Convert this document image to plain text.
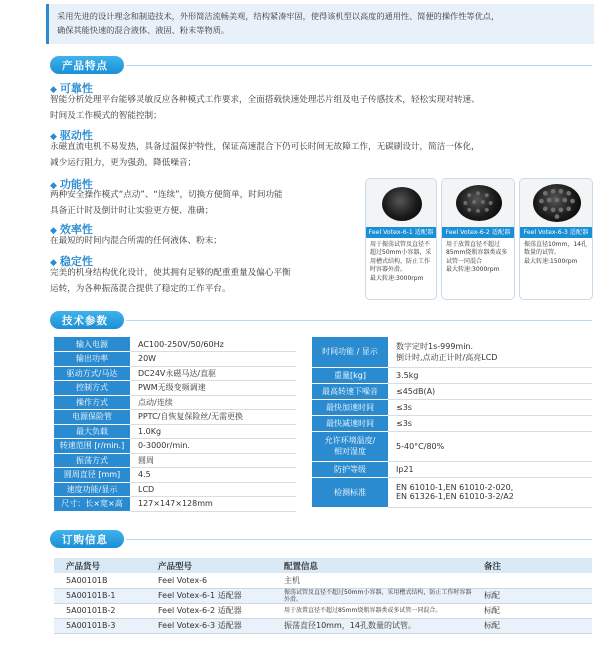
采用先进的设计理念和制造技术，外形简洁流畅美观，结构紧凑牢固，使得该机型以高度的通用性、简便的操作性等优点，
确保其能快速的混合液体、液固、粉末等物质。
产品特点
◆ 可靠性
智能分析处理平台能够灵敏反应各种模式工作要求，全面搭载快速处理芯片组及电子传感技术，轻松实现对转速、
时间及工作模式的智能控制；
◆ 驱动性
永磁直流电机不易发热，具备过温保护特性，保证高速混合下仍可长时间无故障工作，无碳刷设计，简洁一体化，
减少运行阻力，更为强劲，降低噪音；
◆ 功能性
两种安全操作模式“点动”、“连续”，切换方便简单，时间功能
具备正计时及倒计时让实验更方便、准确；
◆ 效率性
在最短的时间内混合所需的任何液体、粉末；
◆ 稳定性
完美的机身结构优化设计，使其拥有足够的配重重量及偏心平衡
运转，为各种振荡混合提供了稳定的工作平台。
Feel Votex-6-1 适配器
用于振荡试管及直径不
超过50mm小容器，采
用槽式结构，防止工作
时容器外滑。
最大转速:3000rpm
Feel Votex-6-2 适配器
用于放置直径不超过
85mm烧瓶容器类或多
试管一同混合
最大转速:3000rpm
Feel Votex-6-3 适配器
振荡直径10mm，14孔
数量的试管。
最大转速:1500rpm
技术参数
输入电源	AC100-250V/50/60Hz
输出功率	20W
驱动方式/马达	DC24V永磁马达/直驱
控制方式	PWM无级变频调速
操作方式	点动/连续
电源保险管	PPTC/自恢复保险丝/无需更换
最大负载	1.0Kg
转速范围 [r/min.]	0-3000r/min.
振荡方式	圆周
圆周直径 [mm]	4.5
速度功能/显示	LCD
尺寸：长×宽×高	127×147×128mm
时间功能 / 显示	数字定时1s-999min.
倒计时,点动正计时/高亮LCD

重量[kg]	3.5kg
最高转速下噪音	≤45dB(A)
最快加速时间	≤3s
最快减速时间	≤3s

允许环境温度/
相对湿度	5-40°C/80%
防护等级	Ip21
检测标准	EN 61010-1,EN 61010-2-020,
EN 61326-1,EN 61010-3-2/A2
订购信息
产品货号	产品型号	配置信息	备注
5A00101B	Feel Votex-6	主机	
5A00101B-1	Feel Votex-6-1 适配器	振荡试管及直径不超过50mm小容器，采用槽式结构，防止工作时容器外滑。	标配
5A00101B-2	Feel Votex-6-2 适配器	用于放置直径不超过85mm烧瓶容器类或多试管一同混合。	标配
5A00101B-3	Feel Votex-6-3 适配器	振荡直径10mm，14孔数量的试管。	标配
